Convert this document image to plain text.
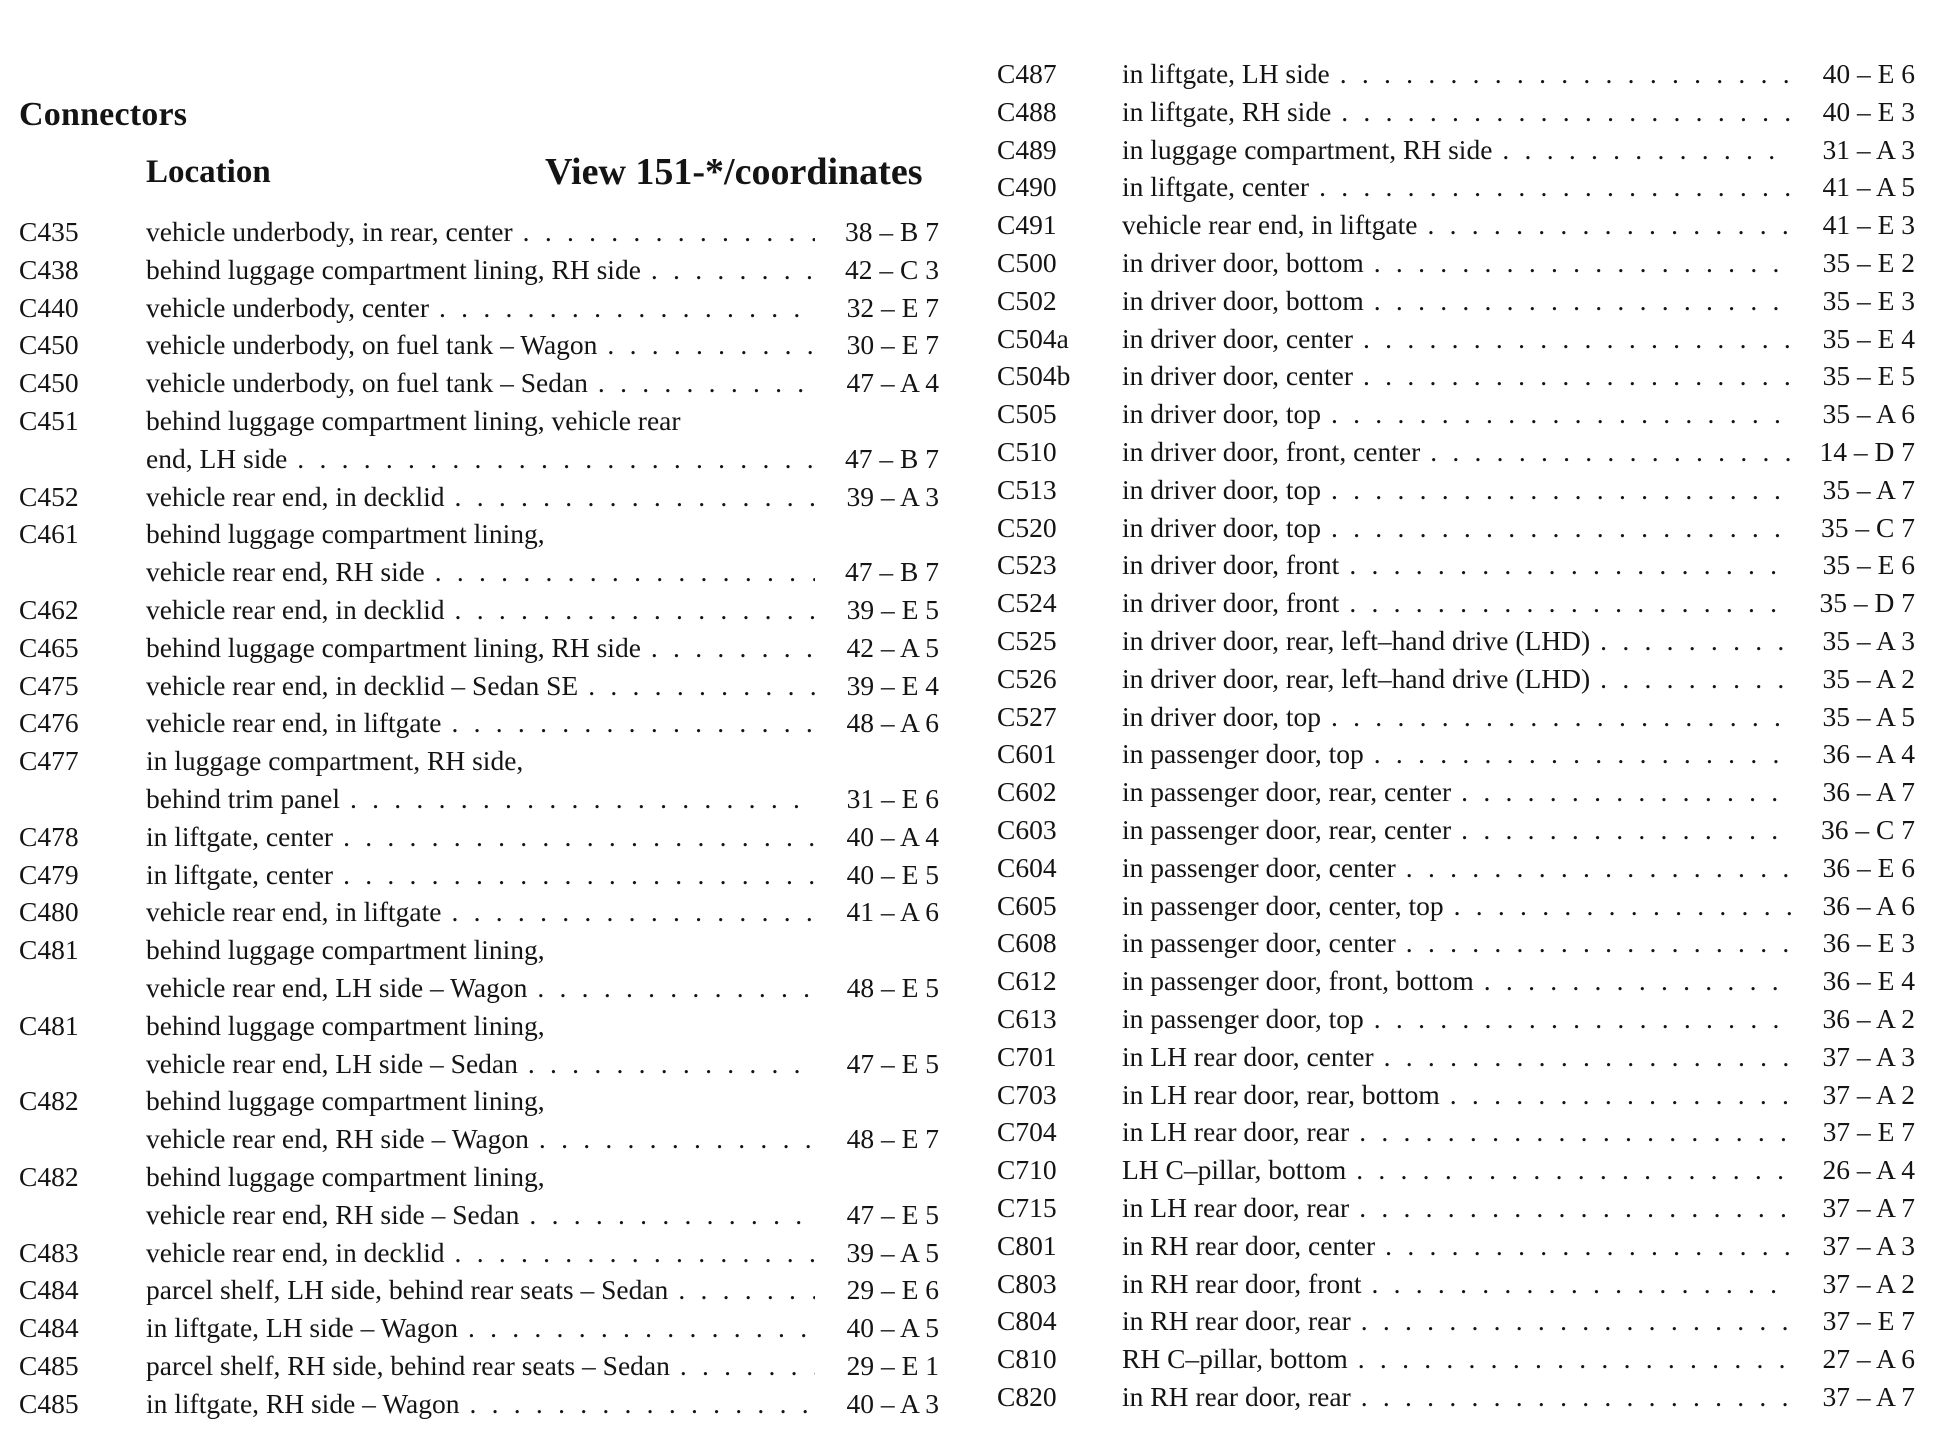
Connectors
Location	View 151-*/coordinates
C435	vehicle underbody, in rear, center . . .	38 – B 7
C438	behind luggage compartment lining, RH side . . .	42 – C 3
C440	vehicle underbody, center . . .	32 – E 7
C450	vehicle underbody, on fuel tank – Wagon . . .	30 – E 7
C450	vehicle underbody, on fuel tank – Sedan . . .	47 – A 4
C451	behind luggage compartment lining, vehicle rear
end, LH side . . .	47 – B 7
C452	vehicle rear end, in decklid . . .	39 – A 3
C461	behind luggage compartment lining,
vehicle rear end, RH side . . .	47 – B 7
C462	vehicle rear end, in decklid . . .	39 – E 5
C465	behind luggage compartment lining, RH side . . .	42 – A 5
C475	vehicle rear end, in decklid – Sedan SE . . .	39 – E 4
C476	vehicle rear end, in liftgate . . .	48 – A 6
C477	in luggage compartment, RH side,
behind trim panel . . .	31 – E 6
C478	in liftgate, center . . .	40 – A 4
C479	in liftgate, center . . .	40 – E 5
C480	vehicle rear end, in liftgate . . .	41 – A 6
C481	behind luggage compartment lining,
vehicle rear end, LH side – Wagon . . .	48 – E 5
C481	behind luggage compartment lining,
vehicle rear end, LH side – Sedan . . .	47 – E 5
C482	behind luggage compartment lining,
vehicle rear end, RH side – Wagon . . .	48 – E 7
C482	behind luggage compartment lining,
vehicle rear end, RH side – Sedan . . .	47 – E 5
C483	vehicle rear end, in decklid . . .	39 – A 5
C484	parcel shelf, LH side, behind rear seats – Sedan . . .	29 – E 6
C484	in liftgate, LH side – Wagon . . .	40 – A 5
C485	parcel shelf, RH side, behind rear seats – Sedan . . .	29 – E 1
C485	in liftgate, RH side – Wagon . . .	40 – A 3
C487	in liftgate, LH side . . .	40 – E 6
C488	in liftgate, RH side . . .	40 – E 3
C489	in luggage compartment, RH side . . .	31 – A 3
C490	in liftgate, center . . .	41 – A 5
C491	vehicle rear end, in liftgate . . .	41 – E 3
C500	in driver door, bottom . . .	35 – E 2
C502	in driver door, bottom . . .	35 – E 3
C504a	in driver door, center . . .	35 – E 4
C504b	in driver door, center . . .	35 – E 5
C505	in driver door, top . . .	35 – A 6
C510	in driver door, front, center . . .	14 – D 7
C513	in driver door, top . . .	35 – A 7
C520	in driver door, top . . .	35 – C 7
C523	in driver door, front . . .	35 – E 6
C524	in driver door, front . . .	35 – D 7
C525	in driver door, rear, left–hand drive (LHD) . . .	35 – A 3
C526	in driver door, rear, left–hand drive (LHD) . . .	35 – A 2
C527	in driver door, top . . .	35 – A 5
C601	in passenger door, top . . .	36 – A 4
C602	in passenger door, rear, center . . .	36 – A 7
C603	in passenger door, rear, center . . .	36 – C 7
C604	in passenger door, center . . .	36 – E 6
C605	in passenger door, center, top . . .	36 – A 6
C608	in passenger door, center . . .	36 – E 3
C612	in passenger door, front, bottom . . .	36 – E 4
C613	in passenger door, top . . .	36 – A 2
C701	in LH rear door, center . . .	37 – A 3
C703	in LH rear door, rear, bottom . . .	37 – A 2
C704	in LH rear door, rear . . .	37 – E 7
C710	LH C–pillar, bottom . . .	26 – A 4
C715	in LH rear door, rear . . .	37 – A 7
C801	in RH rear door, center . . .	37 – A 3
C803	in RH rear door, front . . .	37 – A 2
C804	in RH rear door, rear . . .	37 – E 7
C810	RH C–pillar, bottom . . .	27 – A 6
C820	in RH rear door, rear . . .	37 – A 7
